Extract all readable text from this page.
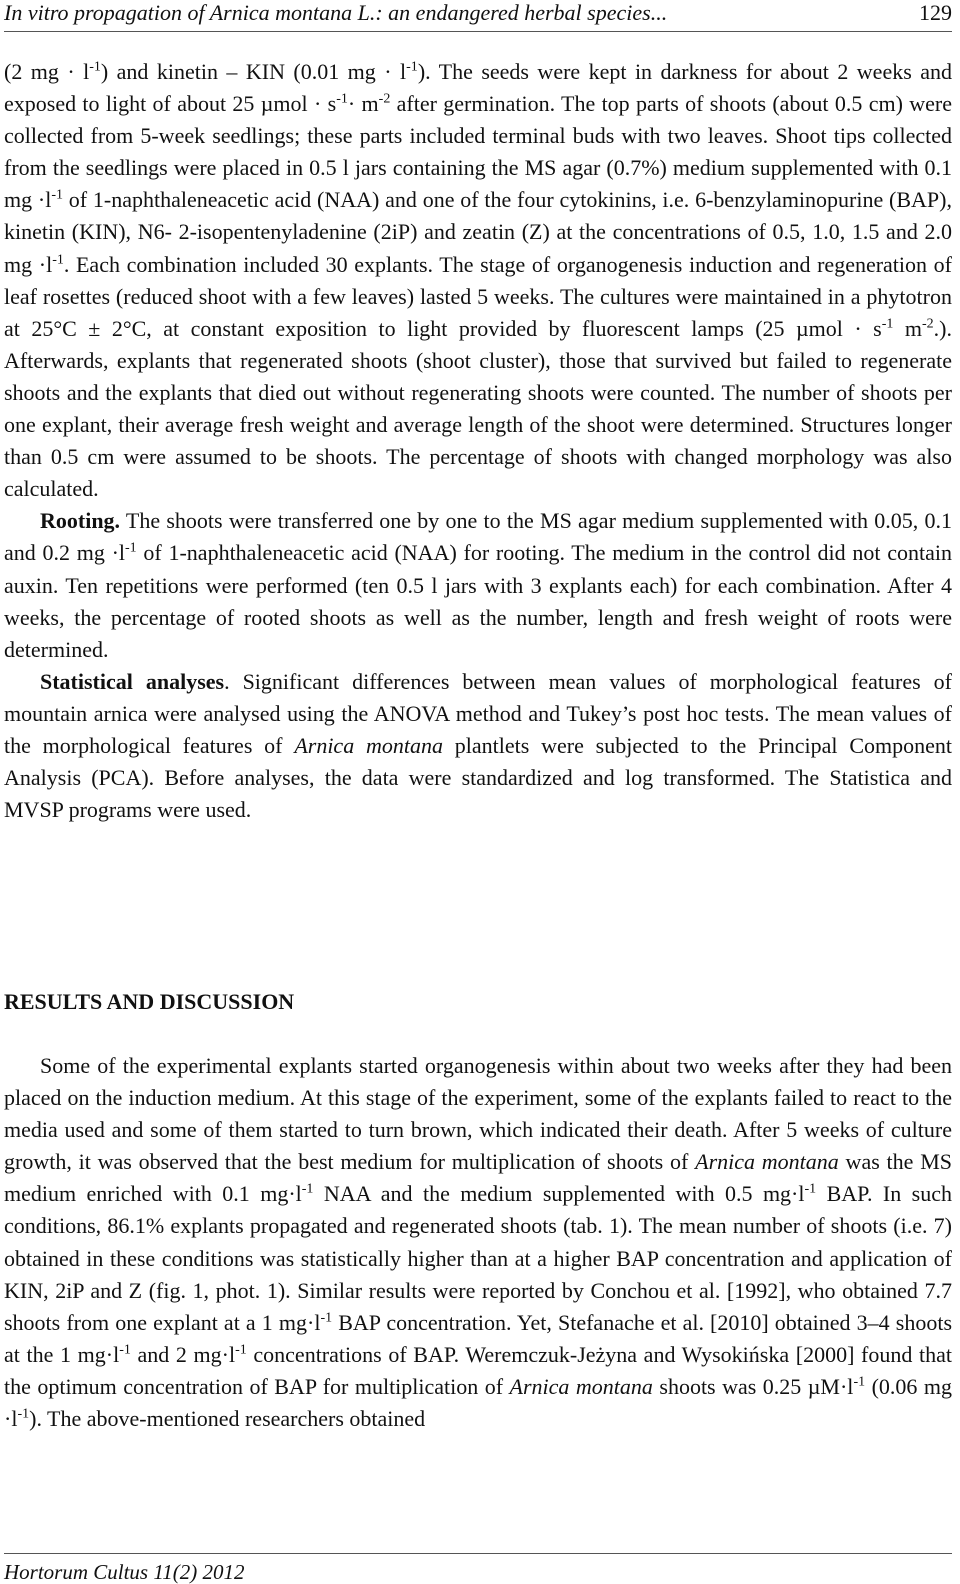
In vitro propagation of Arnica montana L.: an endangered herbal species...	129

(2 mg · $l^{-1}$) and kinetin – KIN (0.01 mg · $l^{-1}$). The seeds were kept in darkness for about 2 weeks and exposed to light of about 25 $\mu mol \cdot s^{-1}\cdot m^{-2}$ after germination. The top parts of shoots (about 0.5 cm) were collected from 5-week seedlings; these parts included terminal buds with two leaves. Shoot tips collected from the seedlings were placed in 0.5 l jars containing the MS agar (0.7%) medium supplemented with 0.1 mg $\cdot l^{-1}$ of 1-naphthaleneacetic acid (NAA) and one of the four cytokinins, i.e. 6-benzylaminopurine (BAP), kinetin (KIN), N6- 2-isopentenyladenine (2iP) and zeatin (Z) at the concentrations of 0.5, 1.0, 1.5 and 2.0 mg $\cdot l^{-1}$. Each combination included 30 explants. The stage of organogenesis induction and regeneration of leaf rosettes (reduced shoot with a few leaves) lasted 5 weeks. The cultures were maintained in a phytotron at 25°C ± 2°C, at constant exposition to light provided by fluorescent lamps (25 $\mu mol \cdot s^{-1}$ $m^{-2}$.). Afterwards, explants that regenerated shoots (shoot cluster), those that survived but failed to regenerate shoots and the explants that died out without regenerating shoots were counted. The number of shoots per one explant, their average fresh weight and average length of the shoot were determined. Structures longer than 0.5 cm were assumed to be shoots. The percentage of shoots with changed morphology was also calculated.

Rooting. The shoots were transferred one by one to the MS agar medium supplemented with 0.05, 0.1 and 0.2 mg $\cdot l^{-1}$ of 1-naphthaleneacetic acid (NAA) for rooting. The medium in the control did not contain auxin. Ten repetitions were performed (ten 0.5 l jars with 3 explants each) for each combination. After 4 weeks, the percentage of rooted shoots as well as the number, length and fresh weight of roots were determined.

Statistical analyses. Significant differences between mean values of morphological features of mountain arnica were analysed using the ANOVA method and Tukey’s post hoc tests. The mean values of the morphological features of Arnica montana plantlets were subjected to the Principal Component Analysis (PCA). Before analyses, the data were standardized and log transformed. The Statistica and MVSP programs were used.

RESULTS AND DISCUSSION

Some of the experimental explants started organogenesis within about two weeks after they had been placed on the induction medium. At this stage of the experiment, some of the explants failed to react to the media used and some of them started to turn brown, which indicated their death. After 5 weeks of culture growth, it was observed that the best medium for multiplication of shoots of Arnica montana was the MS medium enriched with 0.1 $mg\cdot l^{-1}$ NAA and the medium supplemented with 0.5 $mg\cdot l^{-1}$ BAP. In such conditions, 86.1% explants propagated and regenerated shoots (tab. 1). The mean number of shoots (i.e. 7) obtained in these conditions was statistically higher than at a higher BAP concentration and application of KIN, 2iP and Z (fig. 1, phot. 1). Similar results were reported by Conchou et al. [1992], who obtained 7.7 shoots from one explant at a 1 $mg\cdot l^{-1}$ BAP concentration. Yet, Stefanache et al. [2010] obtained 3–4 shoots at the 1 $mg\cdot l^{-1}$ and 2 $mg\cdot l^{-1}$ concentrations of BAP. Weremczuk-Jeżyna and Wysokińska [2000] found that the optimum concentration of BAP for multiplication of Arnica montana shoots was 0.25 $\mu M\cdot l^{-1}$ (0.06 mg $\cdot l^{-1}$). The above-mentioned researchers obtained

Hortorum Cultus 11(2) 2012
